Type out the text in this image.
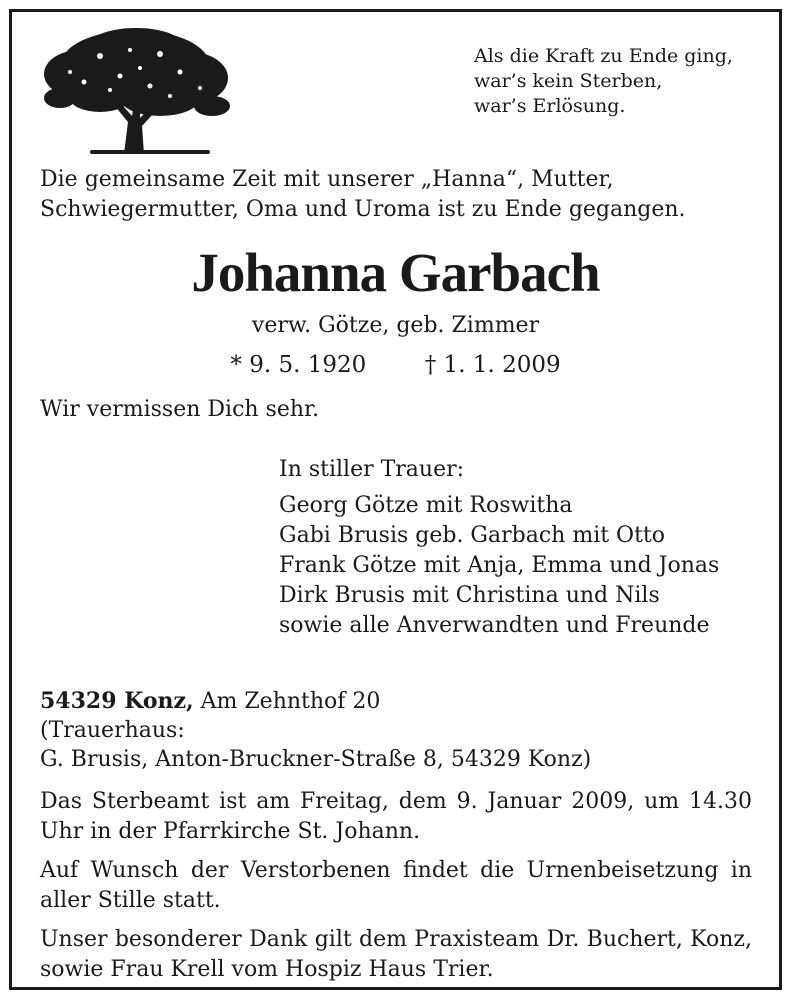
Als die Kraft zu Ende ging,
war’s kein Sterben,
war’s Erlösung.
Die gemeinsame Zeit mit unserer „Hanna“, Mutter, Schwiegermutter, Oma und Uroma ist zu Ende gegangen.
Johanna Garbach
verw. Götze, geb. Zimmer
* 9. 5. 1920	† 1. 1. 2009
Wir vermissen Dich sehr.
In stiller Trauer:
Georg Götze mit Roswitha
Gabi Brusis geb. Garbach mit Otto
Frank Götze mit Anja, Emma und Jonas
Dirk Brusis mit Christina und Nils
sowie alle Anverwandten und Freunde
54329 Konz, Am Zehnthof 20
(Trauerhaus:
G. Brusis, Anton-Bruckner-Straße 8, 54329 Konz)
Das Sterbeamt ist am Freitag, dem 9. Januar 2009, um 14.30 Uhr in der Pfarrkirche St. Johann.
Auf Wunsch der Verstorbenen findet die Urnenbeisetzung in aller Stille statt.
Unser besonderer Dank gilt dem Praxisteam Dr. Buchert, Konz, sowie Frau Krell vom Hospiz Haus Trier.
